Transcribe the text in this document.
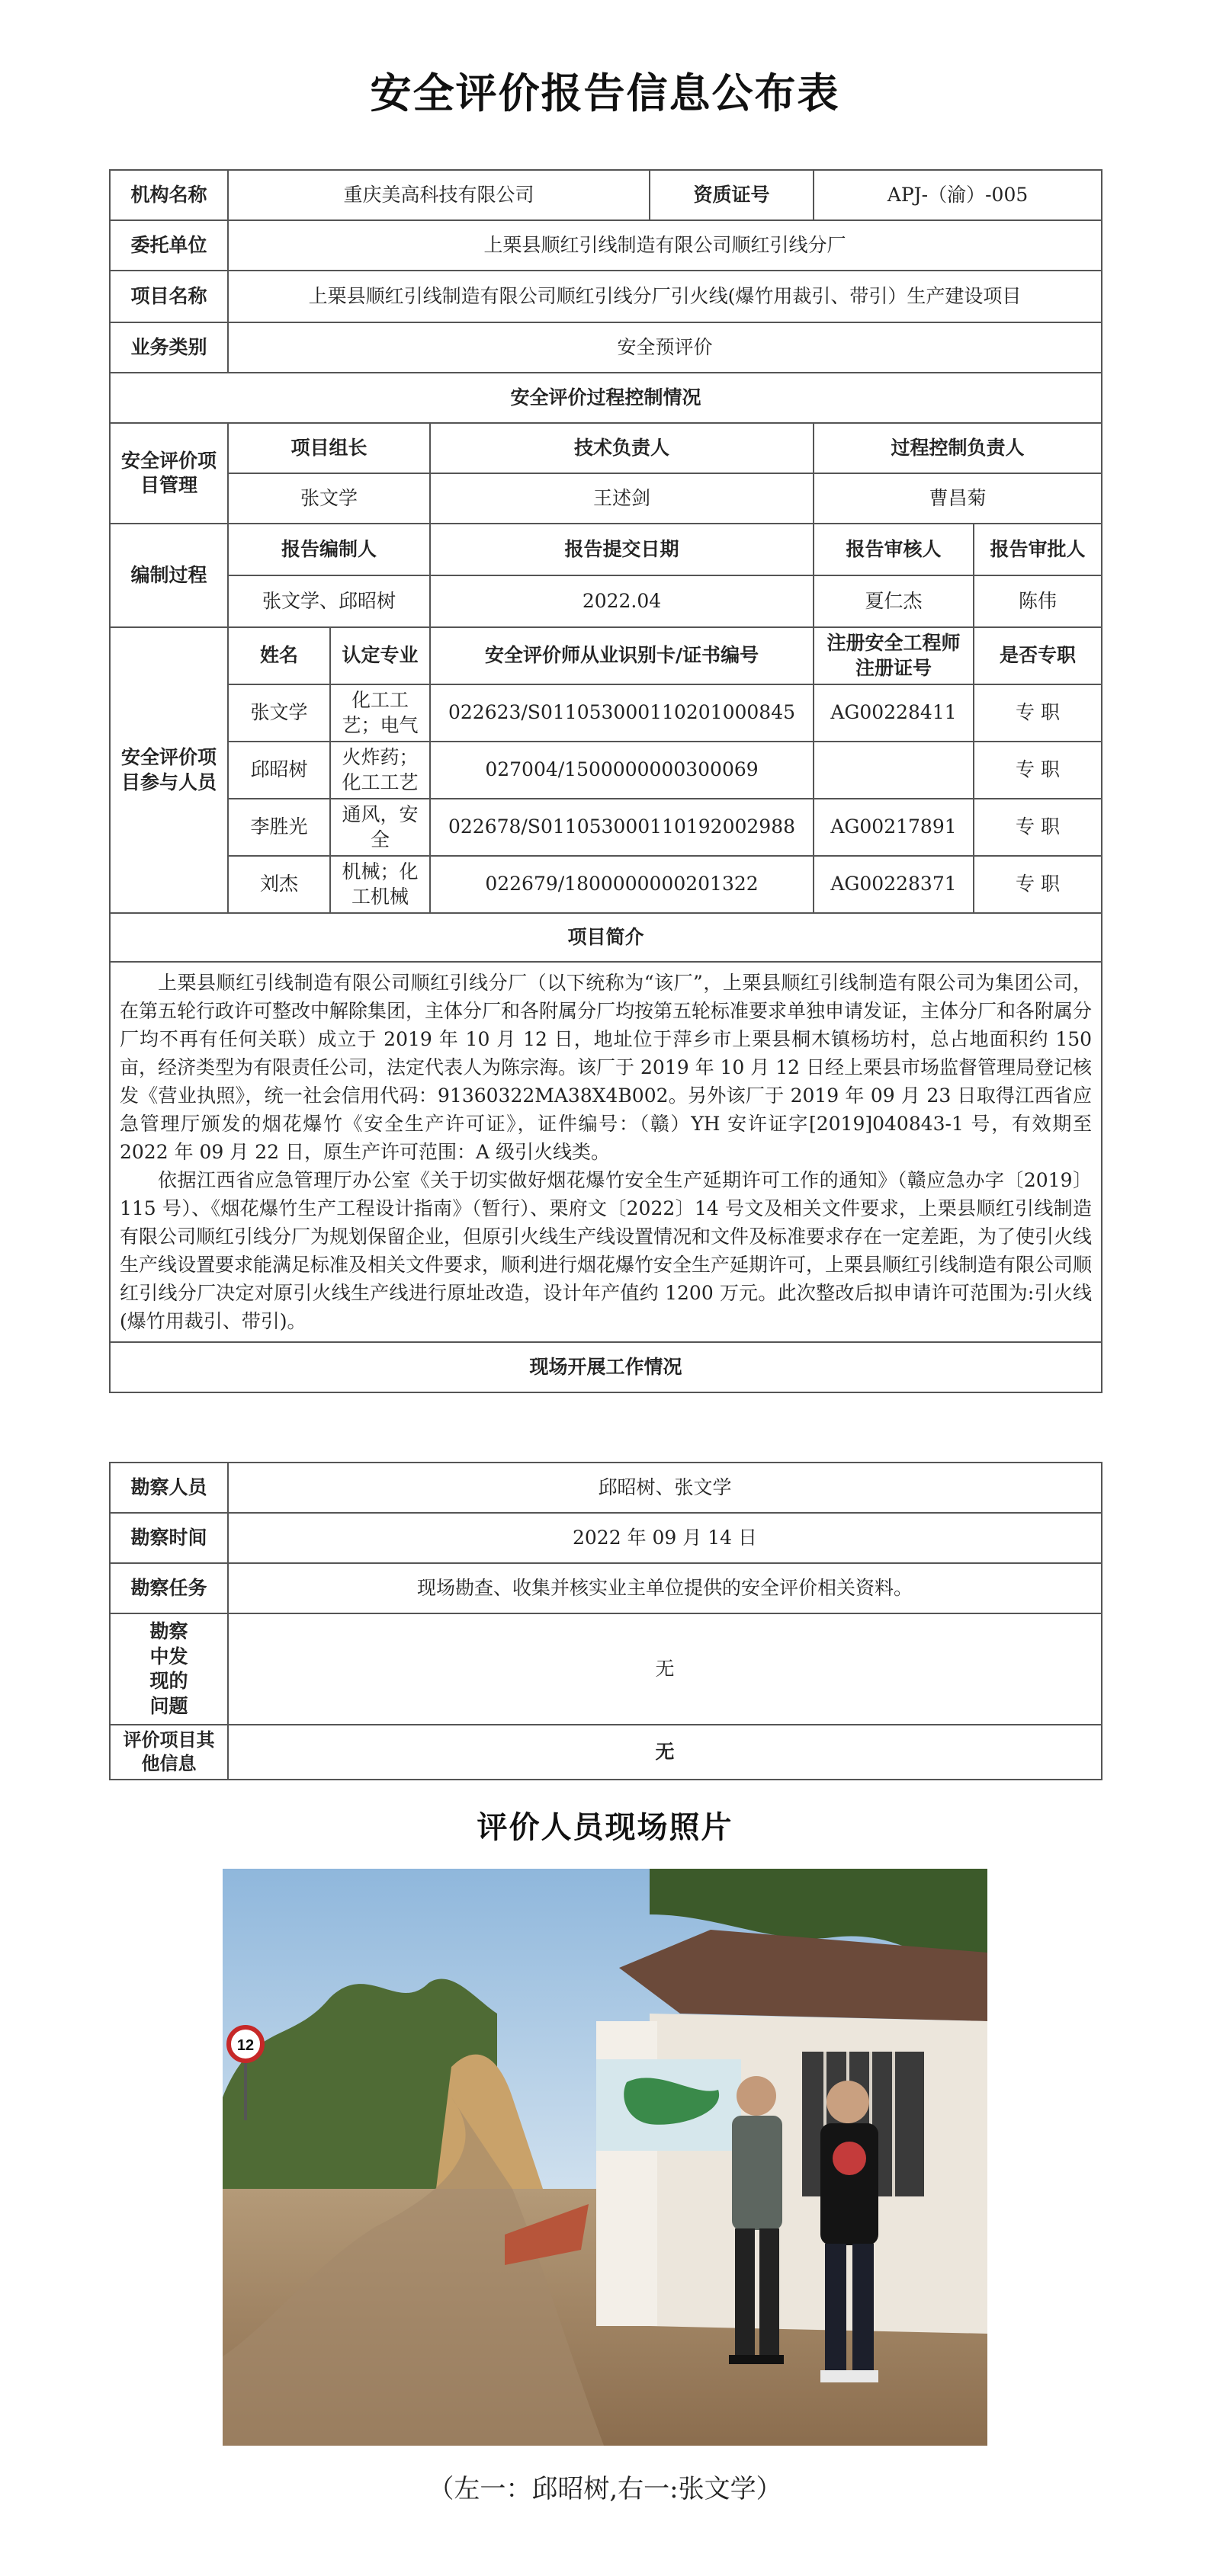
安全评价报告信息公布表
机构名称	重庆美高科技有限公司			资质证号	APJ-（渝）-005	
委托单位	上栗县顺红引线制造有限公司顺红引线分厂					
项目名称	上栗县顺红引线制造有限公司顺红引线分厂引火线(爆竹用裁引、带引）生产建设项目					
业务类别	安全预评价					
安全评价过程控制情况						
安全评价项目管理	项目组长		技术负责人		过程控制负责人	
	张文学		王述剑		曹昌菊	
编制过程	报告编制人		报告提交日期		报告审核人	报告审批人
	张文学、邱昭树		2022.04		夏仁杰	陈伟
安全评价项目参与人员	姓名	认定专业	安全评价师从业识别卡/证书编号		注册安全工程师注册证号	是否专职
	张文学	化工工艺；电气	022623/S011053000110201000845		AG00228411	专 职
	邱昭树	火炸药；化工工艺	027004/1500000000300069			专 职
	李胜光	通风，安全	022678/S011053000110192002988		AG00217891	专 职
	刘杰	机械；化工机械	022679/1800000000201322		AG00228371	专 职
项目简介						

上栗县顺红引线制造有限公司顺红引线分厂（以下统称为“该厂”，上栗县顺红引线制造有限公司为集团公司，在第五轮行政许可整改中解除集团，主体分厂和各附属分厂均按第五轮标准要求单独申请发证，主体分厂和各附属分厂均不再有任何关联）成立于 2019 年 10 月 12 日，地址位于萍乡市上栗县桐木镇杨坊村，总占地面积约 150 亩，经济类型为有限责任公司，法定代表人为陈宗海。该厂于 2019 年 10 月 12 日经上栗县市场监督管理局登记核发《营业执照》，统一社会信用代码：91360322MA38X4B002。另外该厂于 2019 年 09 月 23 日取得江西省应急管理厅颁发的烟花爆竹《安全生产许可证》，证件编号：（赣）YH 安许证字[2019]040843-1 号，有效期至 2022 年 09 月 22 日，原生产许可范围：A 级引火线类。

依据江西省应急管理厅办公室《关于切实做好烟花爆竹安全生产延期许可工作的通知》（赣应急办字〔2019〕115 号）、《烟花爆竹生产工程设计指南》（暂行）、栗府文〔2022〕14 号文及相关文件要求，上栗县顺红引线制造有限公司顺红引线分厂为规划保留企业，但原引火线生产线设置情况和文件及标准要求存在一定差距，为了使引火线生产线设置要求能满足标准及相关文件要求，顺利进行烟花爆竹安全生产延期许可，上栗县顺红引线制造有限公司顺红引线分厂决定对原引火线生产线进行原址改造，设计年产值约 1200 万元。此次整改后拟申请许可范围为:引火线(爆竹用裁引、带引)。						

现场开展工作情况						
勘察人员	邱昭树、张文学
勘察时间	2022 年 09 月 14 日
勘察任务	现场勘查、收集并核实业主单位提供的安全评价相关资料。
勘察中发现的问题	无
评价项目其他信息	无
评价人员现场照片
12
（左一：邱昭树,右一:张文学）
